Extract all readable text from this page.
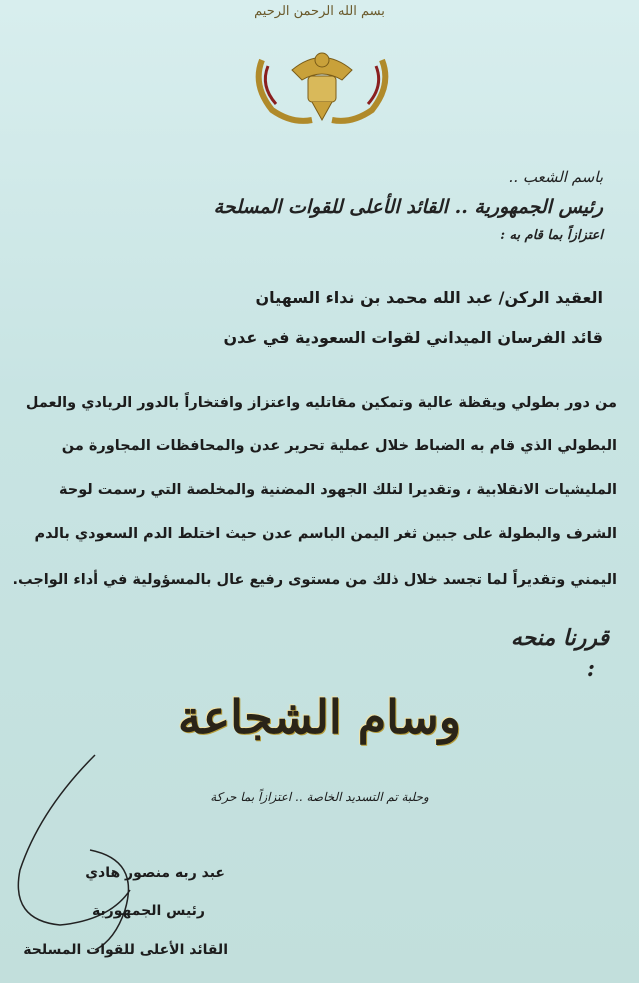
بسم الله الرحمن الرحيم
باسم الشعب ..
رئيس الجمهورية .. القائد الأعلى للقوات المسلحة
اعتزازاً بما قام به :
العقيد الركن/ عبد الله محمد بن نداء السهيان
قائد الفرسان الميداني لقوات السعودية في عدن
من دور بطولي ويقظة عالية وتمكين مقاتليه واعتزاز وافتخاراً بالدور الريادي والعمل
البطولي الذي قام به الضباط خلال عملية تحرير عدن والمحافظات المجاورة من
المليشيات الانقلابية ، وتقديرا لتلك الجهود المضنية والمخلصة التي رسمت لوحة
الشرف والبطولة على جبين ثغر اليمن الباسم عدن حيث اختلط الدم السعودي بالدم
اليمني وتقديراً لما تجسد خلال ذلك من مستوى رفيع عال بالمسؤولية في أداء الواجب.
قررنا منحه
:
وسام الشجاعة
وحلبة تم التسديد الخاصة .. اعتزازاً بما حركة
عبد ربه منصور هادي
رئيس الجمهورية
القائد الأعلى للقوات المسلحة
